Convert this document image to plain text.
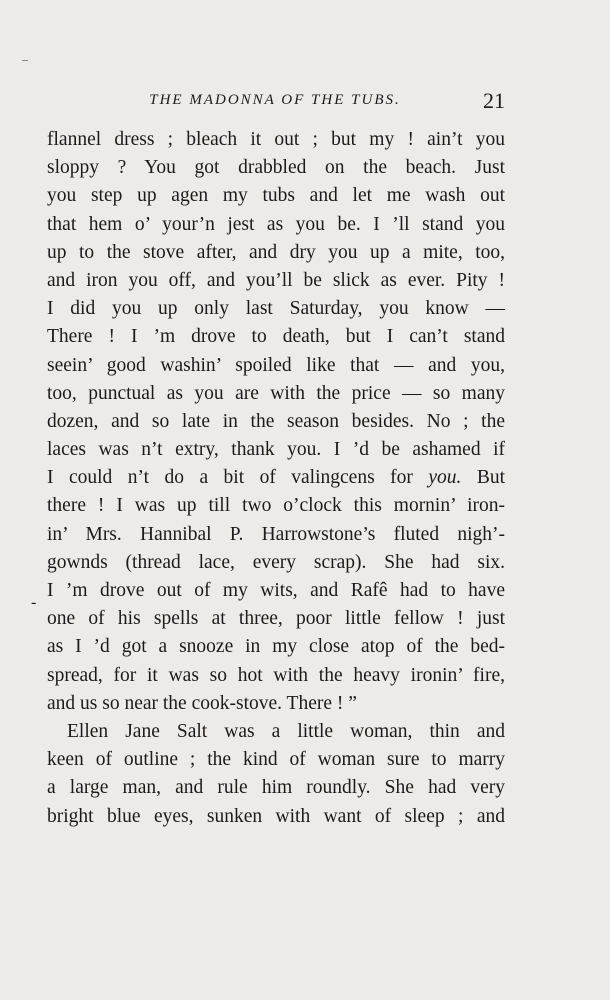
THE MADONNA OF THE TUBS.	21
-
flannel dress ; bleach it out ; but my ! ain’t you
sloppy ? You got drabbled on the beach. Just
you step up agen my tubs and let me wash out
that hem o’ your’n jest as you be. I ’ll stand you
up to the stove after, and dry you up a mite, too,
and iron you off, and you’ll be slick as ever. Pity !
I did you up only last Saturday, you know —
There ! I ’m drove to death, but I can’t stand
seein’ good washin’ spoiled like that — and you,
too, punctual as you are with the price — so many
dozen, and so late in the season besides. No ; the
laces was n’t extry, thank you. I ’d be ashamed if
I could n’t do a bit of valingcens for you. But
there ! I was up till two o’clock this mornin’ iron-
in’ Mrs. Hannibal P. Harrowstone’s fluted nigh’-
gownds (thread lace, every scrap). She had six.
I ’m drove out of my wits, and Rafê had to have
one of his spells at three, poor little fellow ! just
as I ’d got a snooze in my close atop of the bed-
spread, for it was so hot with the heavy ironin’ fire,
and us so near the cook-stove. There ! ”
Ellen Jane Salt was a little woman, thin and
keen of outline ; the kind of woman sure to marry
a large man, and rule him roundly. She had very
bright blue eyes, sunken with want of sleep ; and
